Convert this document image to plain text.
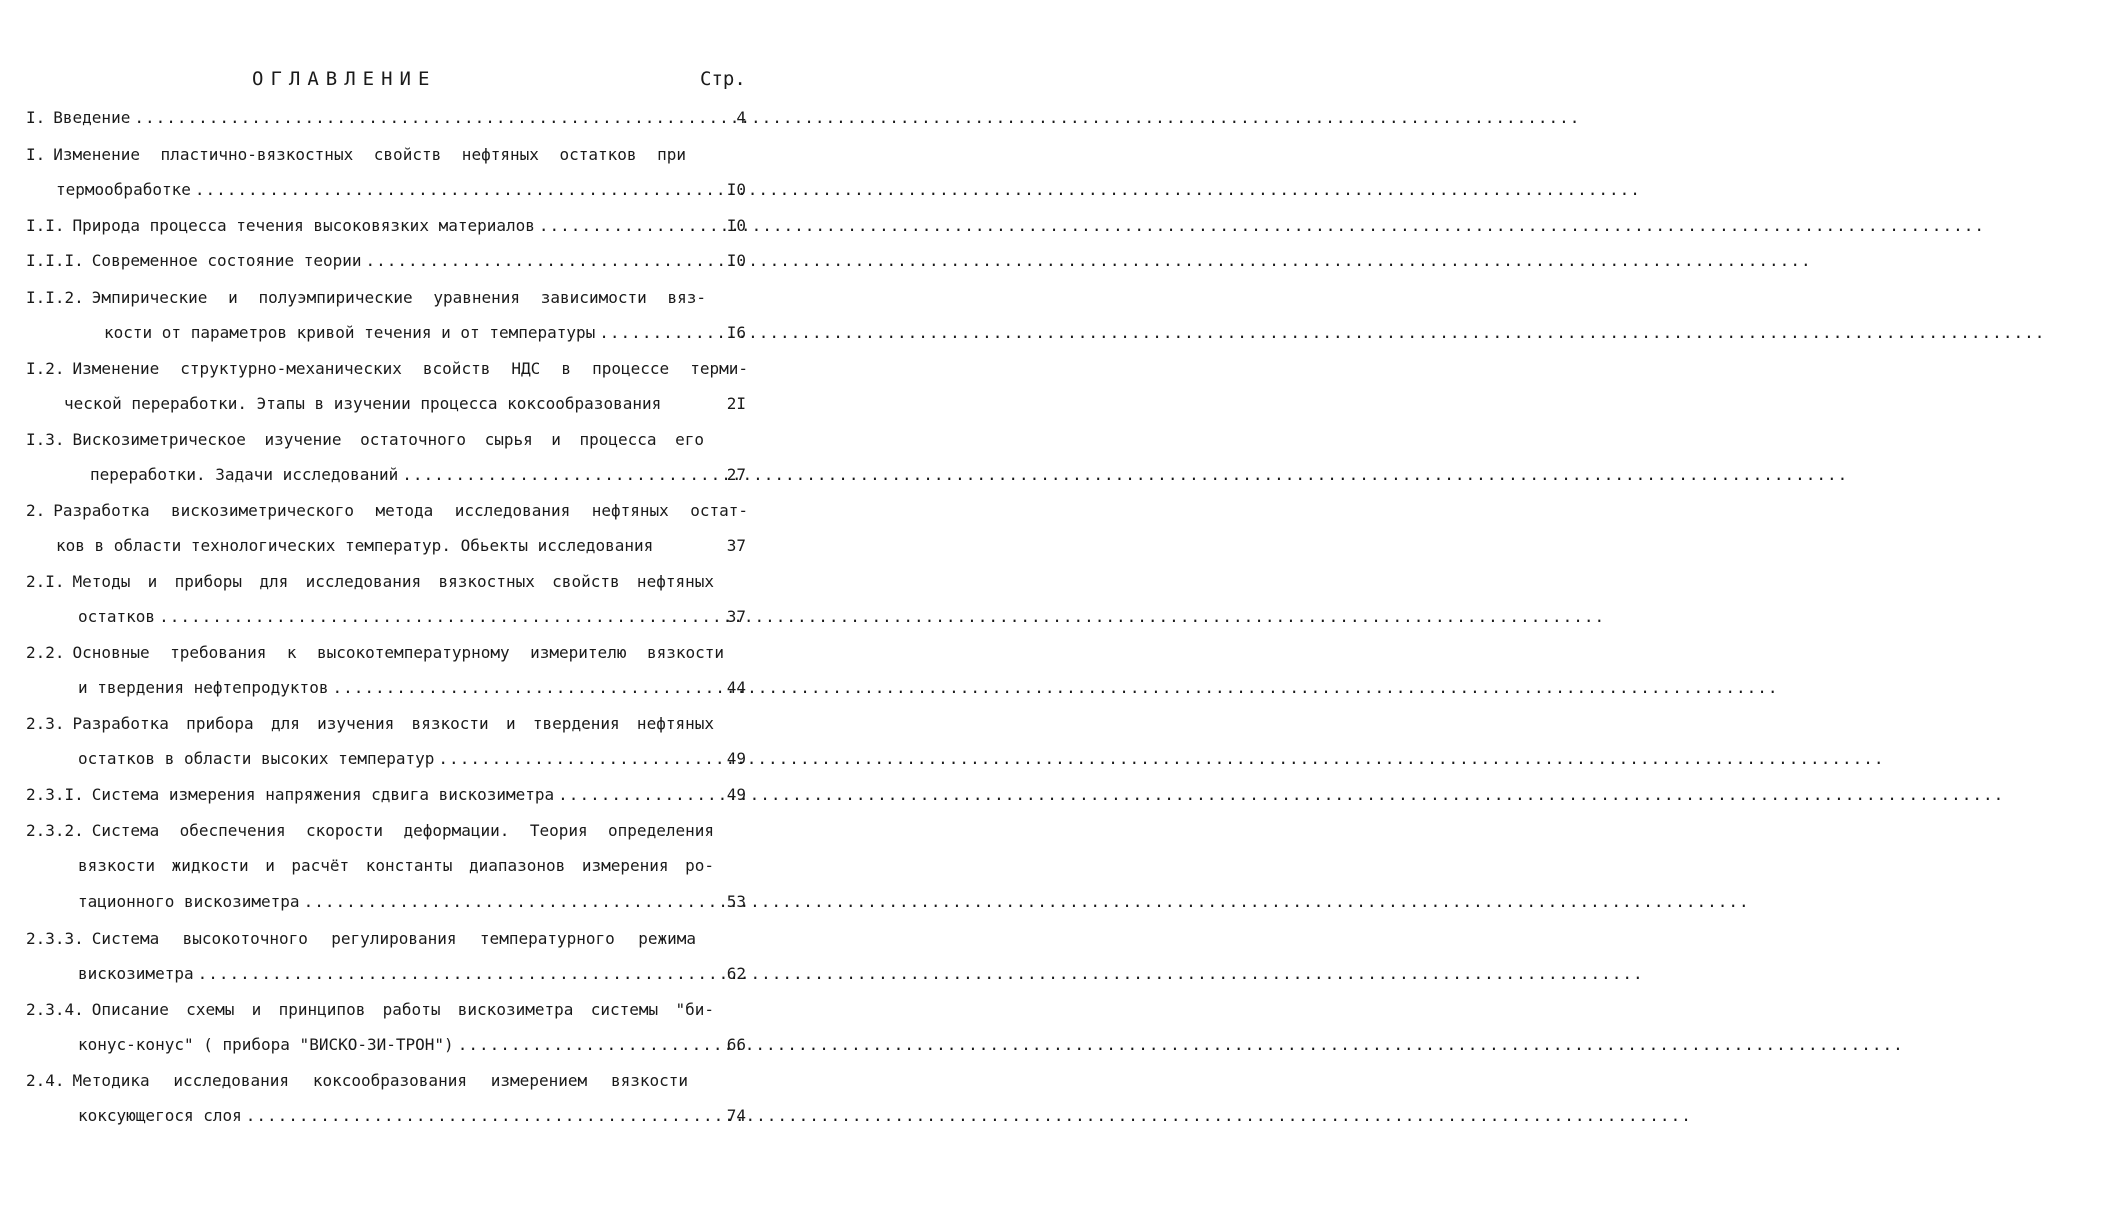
ОГЛАВЛЕНИЕ	Стр.
I. Введение .....	4
I. Изменение пластично-вязкостных свойств нефтяных остатков при
термообработке .....	I0
I.I. Природа процесса течения высоковязких материалов .....	I0
I.I.I. Современное состояние теории .....	I0
I.I.2. Эмпирические и полуэмпирические уравнения зависимости вяз-
кости от параметров кривой течения и от температуры .....	I6
I.2. Изменение структурно-механических всойств НДС в процессе терми-
ческой переработки. Этапы в изучении процесса коксообразования	2I
I.3. Вискозиметрическое изучение остаточного сырья и процесса его
переработки. Задачи исследований .....	27
2. Разработка вискозиметрического метода исследования нефтяных остат-
ков в области технологических температур. Обьекты исследования	37
2.I. Методы и приборы для исследования вязкостных свойств нефтяных
остатков .....	37
2.2. Основные требования к высокотемпературному измерителю вязкости
и твердения нефтепродуктов .....	44
2.3. Разработка прибора для изучения вязкости и твердения нефтяных
остатков в области высоких температур .....	49
2.3.I. Система измерения напряжения сдвига вискозиметра .....	49
2.3.2. Система обеспечения скорости деформации. Теория определения
вязкости жидкости и расчёт константы диапазонов измерения ро-
тационного вискозиметра .....	53
2.3.3. Система высокоточного регулирования температурного режима
вискозиметра .....	62
2.3.4. Описание схемы и принципов работы вискозиметра системы "би-
конус-конус" ( прибора "ВИСКО-ЗИ-ТРОН") .....	66
2.4. Методика исследования коксообразования измерением вязкости
коксующегося слоя .....	74
